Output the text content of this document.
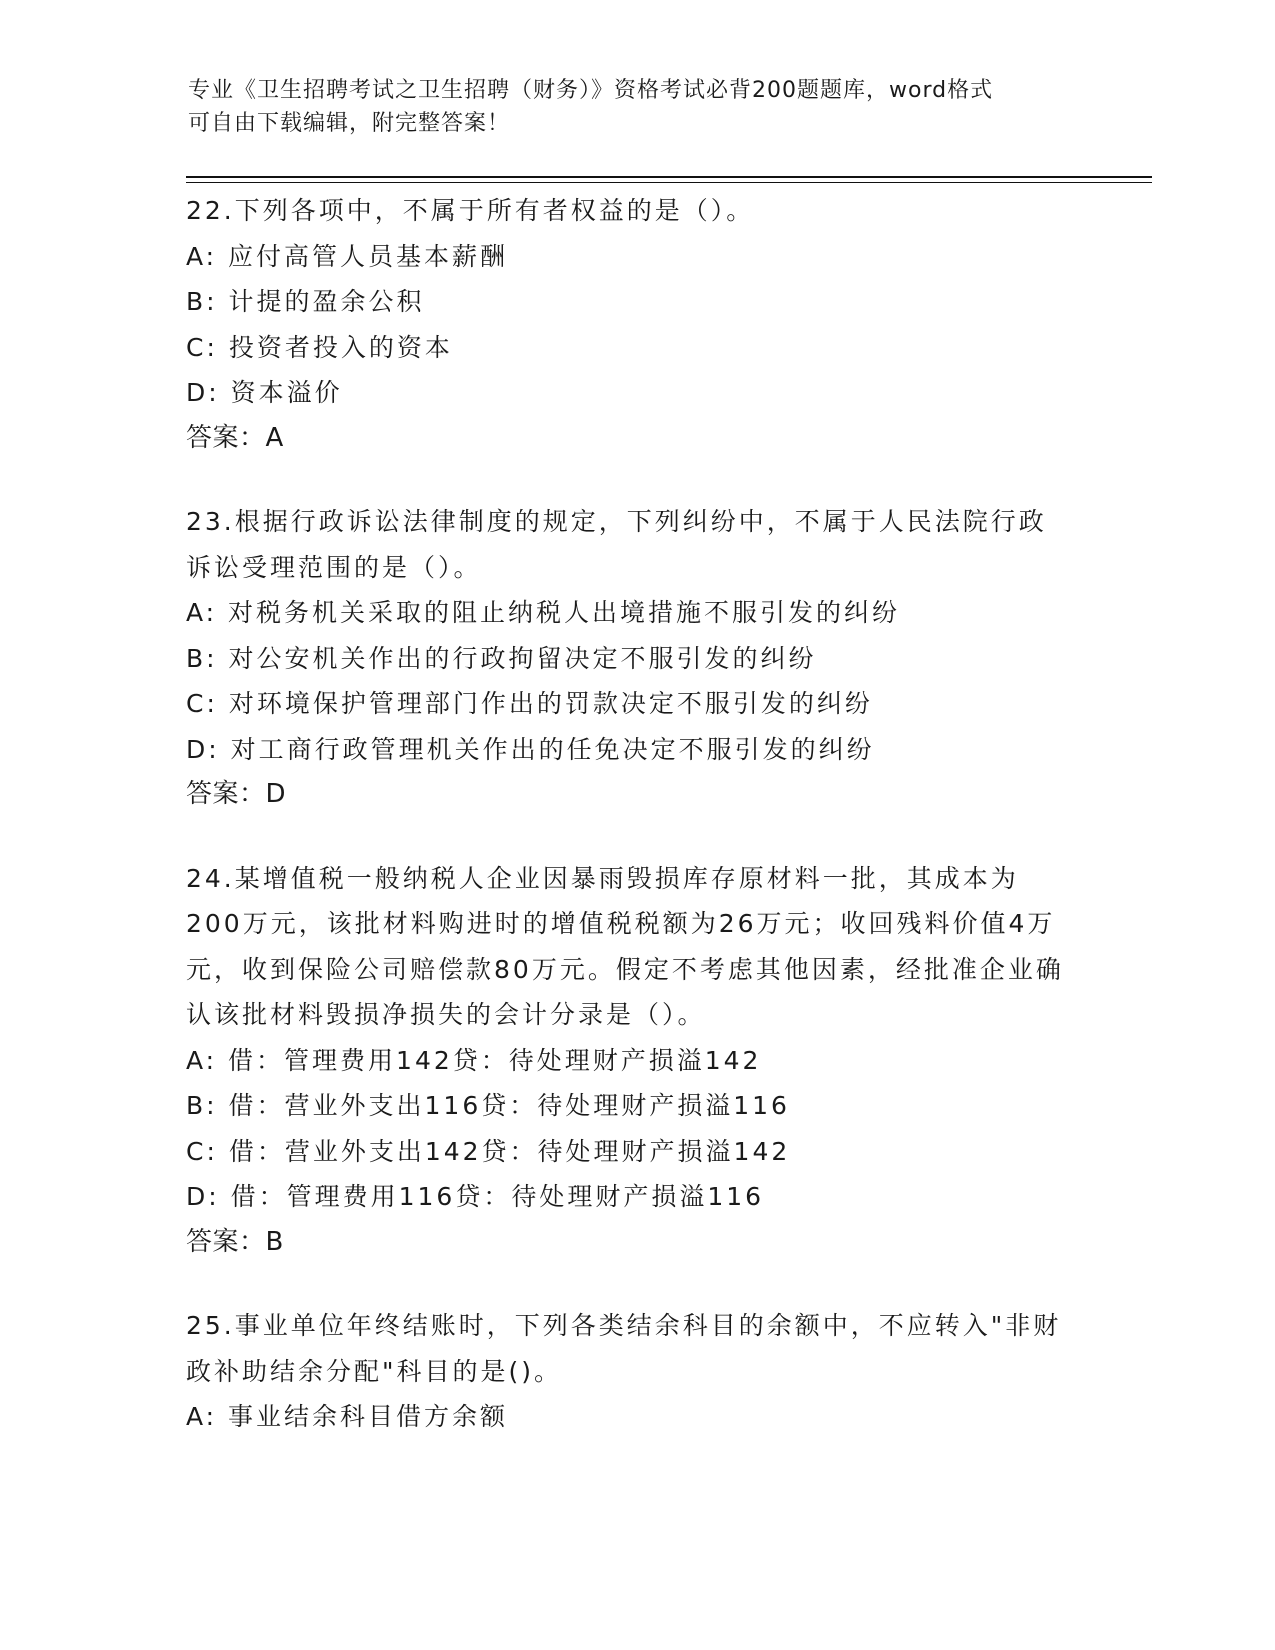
专业《卫生招聘考试之卫生招聘（财务）》资格考试必背200题题库，word格式
可自由下载编辑，附完整答案！
22.下列各项中，不属于所有者权益的是（）。
A: 应付高管人员基本薪酬
B: 计提的盈余公积
C: 投资者投入的资本
D: 资本溢价
答案：A
23.根据行政诉讼法律制度的规定，下列纠纷中，不属于人民法院行政诉讼受理范围的是（）。
A: 对税务机关采取的阻止纳税人出境措施不服引发的纠纷
B: 对公安机关作出的行政拘留决定不服引发的纠纷
C: 对环境保护管理部门作出的罚款决定不服引发的纠纷
D: 对工商行政管理机关作出的任免决定不服引发的纠纷
答案：D
24.某增值税一般纳税人企业因暴雨毁损库存原材料一批，其成本为200万元，该批材料购进时的增值税税额为26万元；收回残料价值4万元，收到保险公司赔偿款80万元。假定不考虑其他因素，经批准企业确认该批材料毁损净损失的会计分录是（）。
A: 借：管理费用142贷：待处理财产损溢142
B: 借：营业外支出116贷：待处理财产损溢116
C: 借：营业外支出142贷：待处理财产损溢142
D: 借：管理费用116贷：待处理财产损溢116
答案：B
25.事业单位年终结账时，下列各类结余科目的余额中，不应转入"非财政补助结余分配"科目的是()。
A: 事业结余科目借方余额
